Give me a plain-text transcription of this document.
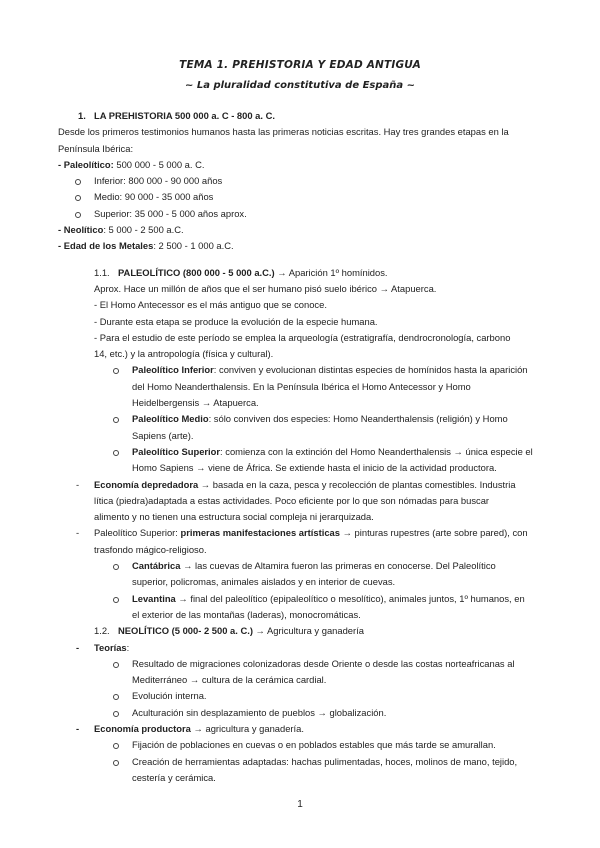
TEMA 1. PREHISTORIA Y EDAD ANTIGUA
~ La pluralidad constitutiva de España ~
1. LA PREHISTORIA 500 000 a. C - 800 a. C.
Desde los primeros testimonios humanos hasta las primeras noticias escritas. Hay tres grandes etapas en la
Península Ibérica:
- Paleolítico: 500 000 - 5 000 a. C.
Inferior: 800 000 - 90 000 años
Medio: 90 000 - 35 000 años
Superior: 35 000 - 5 000 años aprox.
- Neolítico: 5 000 - 2 500 a.C.
- Edad de los Metales: 2 500 - 1 000 a.C.
1.1. PALEOLÍTICO (800 000 - 5 000 a.C.) → Aparición 1º homínidos.
Aprox. Hace un millón de años que el ser humano pisó suelo ibérico → Atapuerca.
- El Homo Antecessor es el más antiguo que se conoce.
- Durante esta etapa se produce la evolución de la especie humana.
- Para el estudio de este período se emplea la arqueología (estratigrafía, dendrocronología, carbono
14, etc.) y la antropología (física y cultural).
Paleolítico Inferior: conviven y evolucionan distintas especies de homínidos hasta la aparición
del Homo Neanderthalensis. En la Península Ibérica el Homo Antecessor y Homo
Heidelbergensis → Atapuerca.
Paleolítico Medio: sólo conviven dos especies: Homo Neanderthalensis (religión) y Homo
Sapiens (arte).
Paleolítico Superior: comienza con la extinción del Homo Neanderthalensis → única especie el
Homo Sapiens → viene de África. Se extiende hasta el inicio de la actividad productora.
- Economía depredadora → basada en la caza, pesca y recolección de plantas comestibles. Industria
lítica (piedra)adaptada a estas actividades. Poco eficiente por lo que son nómadas para buscar
alimento y no tienen una estructura social compleja ni jerarquizada.
- Paleolítico Superior: primeras manifestaciones artísticas → pinturas rupestres (arte sobre pared), con
trasfondo mágico-religioso.
Cantábrica → las cuevas de Altamira fueron las primeras en conocerse. Del Paleolítico
superior, policromas, animales aislados y en interior de cuevas.
Levantina → final del paleolítico (epipaleolítico o mesolítico), animales juntos, 1º humanos, en
el exterior de las montañas (laderas), monocromáticas.
1.2. NEOLÍTICO (5 000- 2 500 a. C.) → Agricultura y ganadería
- Teorías:
Resultado de migraciones colonizadoras desde Oriente o desde las costas norteafricanas al
Mediterráneo → cultura de la cerámica cardial.
Evolución interna.
Aculturación sin desplazamiento de pueblos → globalización.
- Economía productora → agricultura y ganadería.
Fijación de poblaciones en cuevas o en poblados estables que más tarde se amurallan.
Creación de herramientas adaptadas: hachas pulimentadas, hoces, molinos de mano, tejido,
cestería y cerámica.
1
